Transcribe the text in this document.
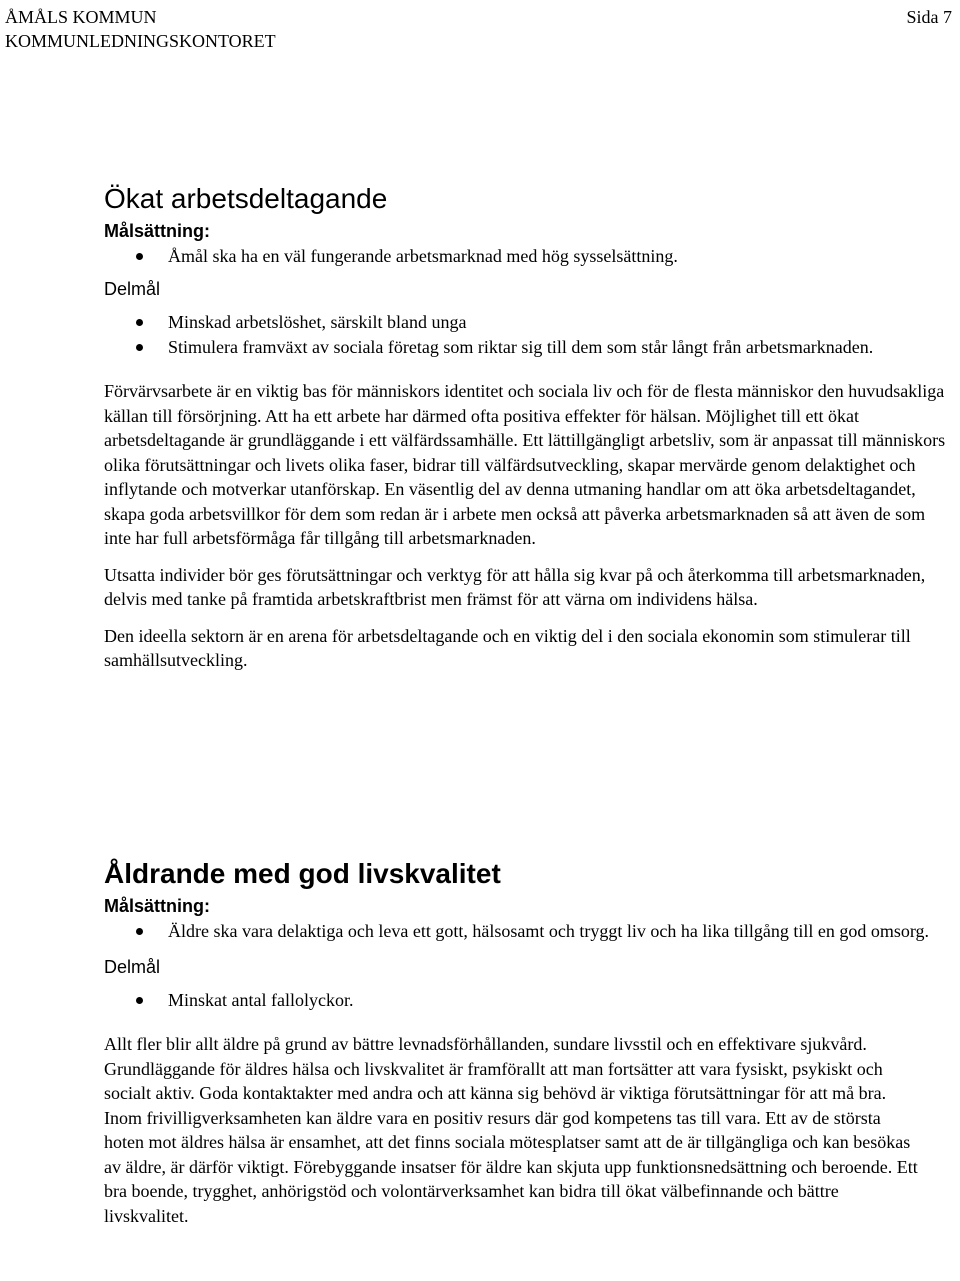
ÅMÅLS KOMMUN
KOMMUNLEDNINGSKONTORET
Sida 7
Ökat arbetsdeltagande
Målsättning:
Åmål ska ha en väl fungerande arbetsmarknad med hög sysselsättning.
Delmål
Minskad arbetslöshet, särskilt bland unga
Stimulera framväxt av sociala företag som riktar sig till dem som står långt från arbetsmarknaden.

Förvärvsarbete är en viktig bas för människors identitet och sociala liv och för de flesta människor den huvudsakliga källan till försörjning. Att ha ett arbete har därmed ofta positiva effekter för hälsan. Möjlighet till ett ökat arbetsdeltagande är grundläggande i ett välfärdssamhälle. Ett lättillgängligt arbetsliv, som är anpassat till människors olika förutsättningar och livets olika faser, bidrar till välfärdsutveckling, skapar mervärde genom delaktighet och inflytande och motverkar utanförskap. En väsentlig del av denna utmaning handlar om att öka arbetsdeltagandet, skapa goda arbetsvillkor för dem som redan är i arbete men också att påverka arbetsmarknaden så att även de som inte har full arbetsförmåga får tillgång till arbetsmarknaden.

Utsatta individer bör ges förutsättningar och verktyg för att hålla sig kvar på och återkomma till arbetsmarknaden, delvis med tanke på framtida arbetskraftbrist men främst för att värna om individens hälsa.

Den ideella sektorn är en arena för arbetsdeltagande och en viktig del i den sociala ekonomin som stimulerar till samhällsutveckling.

Åldrande med god livskvalitet
Målsättning:
Äldre ska vara delaktiga och leva ett gott, hälsosamt och tryggt liv och ha lika tillgång till en god omsorg.
Delmål
Minskat antal fallolyckor.

Allt fler blir allt äldre på grund av bättre levnadsförhållanden, sundare livsstil och en effektivare sjukvård. Grundläggande för äldres hälsa och livskvalitet är framförallt att man fortsätter att vara fysiskt, psykiskt och socialt aktiv. Goda kontaktakter med andra och att känna sig behövd är viktiga förutsättningar för att må bra. Inom frivilligverksamheten kan äldre vara en positiv resurs där god kompetens tas till vara. Ett av de största hoten mot äldres hälsa är ensamhet, att det finns sociala mötesplatser samt att de är tillgängliga och kan besökas av äldre, är därför viktigt. Förebyggande insatser för äldre kan skjuta upp funktionsnedsättning och beroende. Ett bra boende, trygghet, anhörigstöd och volontärverksamhet kan bidra till ökat välbefinnande och bättre livskvalitet.
